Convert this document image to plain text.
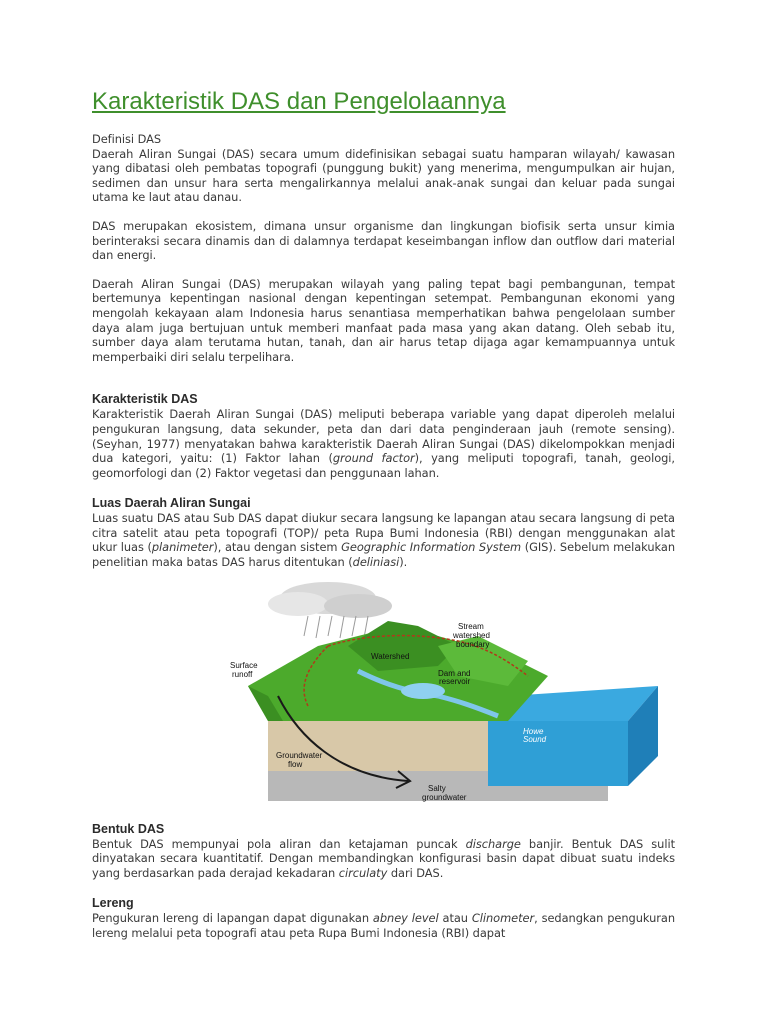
Karakteristik DAS dan Pengelolaannya

Definisi DAS

Daerah Aliran Sungai (DAS) secara umum didefinisikan sebagai suatu hamparan wilayah/ kawasan yang dibatasi oleh pembatas topografi (punggung bukit) yang menerima, mengumpulkan air hujan, sedimen dan unsur hara serta mengalirkannya melalui anak-anak sungai dan keluar pada sungai utama ke laut atau danau.

DAS merupakan ekosistem, dimana unsur organisme dan lingkungan biofisik serta unsur kimia berinteraksi secara dinamis dan di dalamnya terdapat keseimbangan inflow dan outflow dari material dan energi.

Daerah Aliran Sungai (DAS) merupakan wilayah yang paling tepat bagi pembangunan, tempat bertemunya kepentingan nasional dengan kepentingan setempat. Pembangunan ekonomi yang mengolah kekayaan alam Indonesia harus senantiasa memperhatikan bahwa pengelolaan sumber daya alam juga bertujuan untuk memberi manfaat pada masa yang akan datang. Oleh sebab itu, sumber daya alam terutama hutan, tanah, dan air harus tetap dijaga agar kemampuannya untuk memperbaiki diri selalu terpelihara.

Karakteristik DAS

Karakteristik Daerah Aliran Sungai (DAS) meliputi beberapa variable yang dapat diperoleh melalui pengukuran langsung, data sekunder, peta dan dari data penginderaan jauh (remote sensing). (Seyhan, 1977) menyatakan bahwa karakteristik Daerah Aliran Sungai (DAS) dikelompokkan menjadi dua kategori, yaitu: (1) Faktor lahan (ground factor), yang meliputi topografi, tanah, geologi, geomorfologi dan (2) Faktor vegetasi dan penggunaan lahan.

Luas Daerah Aliran Sungai

Luas suatu DAS atau Sub DAS dapat diukur secara langsung ke lapangan atau secara langsung di peta citra satelit atau peta topografi (TOP)/ peta Rupa Bumi Indonesia (RBI) dengan menggunakan alat ukur luas (planimeter), atau dengan sistem Geographic Information System (GIS). Sebelum melakukan penelitian maka batas DAS harus ditentukan (deliniasi).

Stream
watershed
boundary
Surface
runoff
Watershed
Dam and
reservoir
Groundwater
flow
Howe
Sound
Salty
groundwater
Bentuk DAS

Bentuk DAS mempunyai pola aliran dan ketajaman puncak discharge banjir. Bentuk DAS sulit dinyatakan secara kuantitatif. Dengan membandingkan konfigurasi basin dapat dibuat suatu indeks yang berdasarkan pada derajad kekadaran circulaty dari DAS.

Lereng

Pengukuran lereng di lapangan dapat digunakan abney level atau Clinometer, sedangkan pengukuran lereng melalui peta topografi atau peta Rupa Bumi Indonesia (RBI) dapat
